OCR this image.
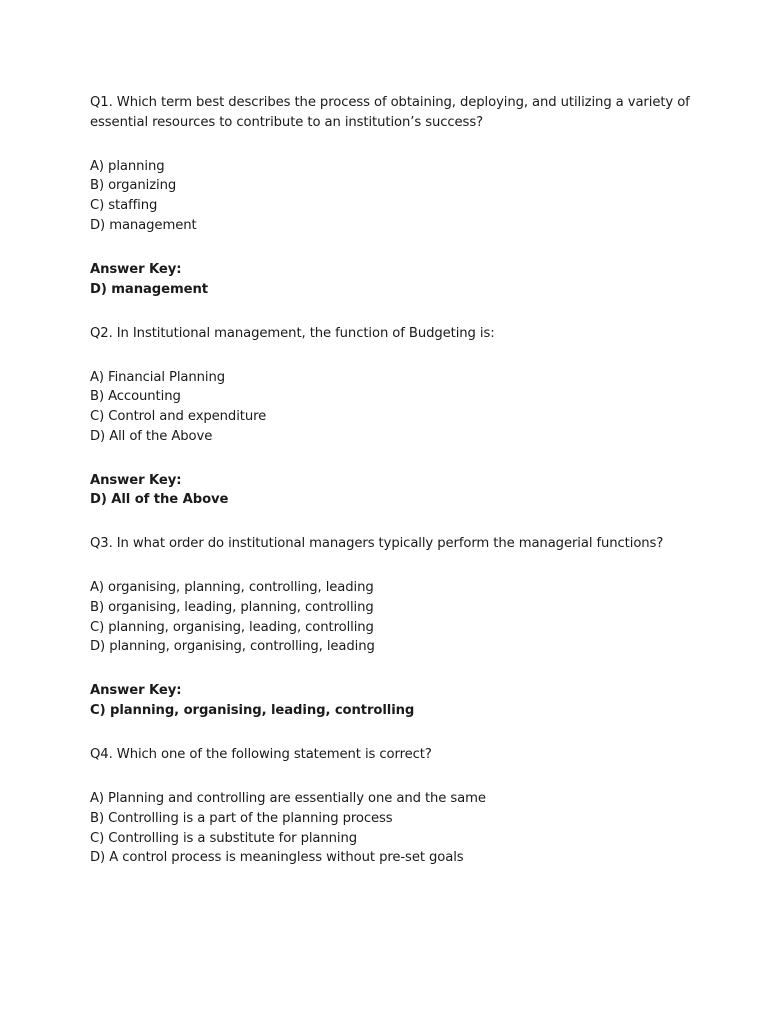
Q1. Which term best describes the process of obtaining, deploying, and utilizing a variety of essential resources to contribute to an institution’s success?

A) planning
B) organizing
C) staffing
D) management
Answer Key:
D) management

Q2. In Institutional management, the function of Budgeting is:

A) Financial Planning
B) Accounting
C) Control and expenditure
D) All of the Above
Answer Key:
D) All of the Above

Q3. In what order do institutional managers typically perform the managerial functions?

A) organising, planning, controlling, leading
B) organising, leading, planning, controlling
C) planning, organising, leading, controlling
D) planning, organising, controlling, leading
Answer Key:
C) planning, organising, leading, controlling

Q4. Which one of the following statement is correct?

A) Planning and controlling are essentially one and the same
B) Controlling is a part of the planning process
C) Controlling is a substitute for planning
D) A control process is meaningless without pre-set goals
